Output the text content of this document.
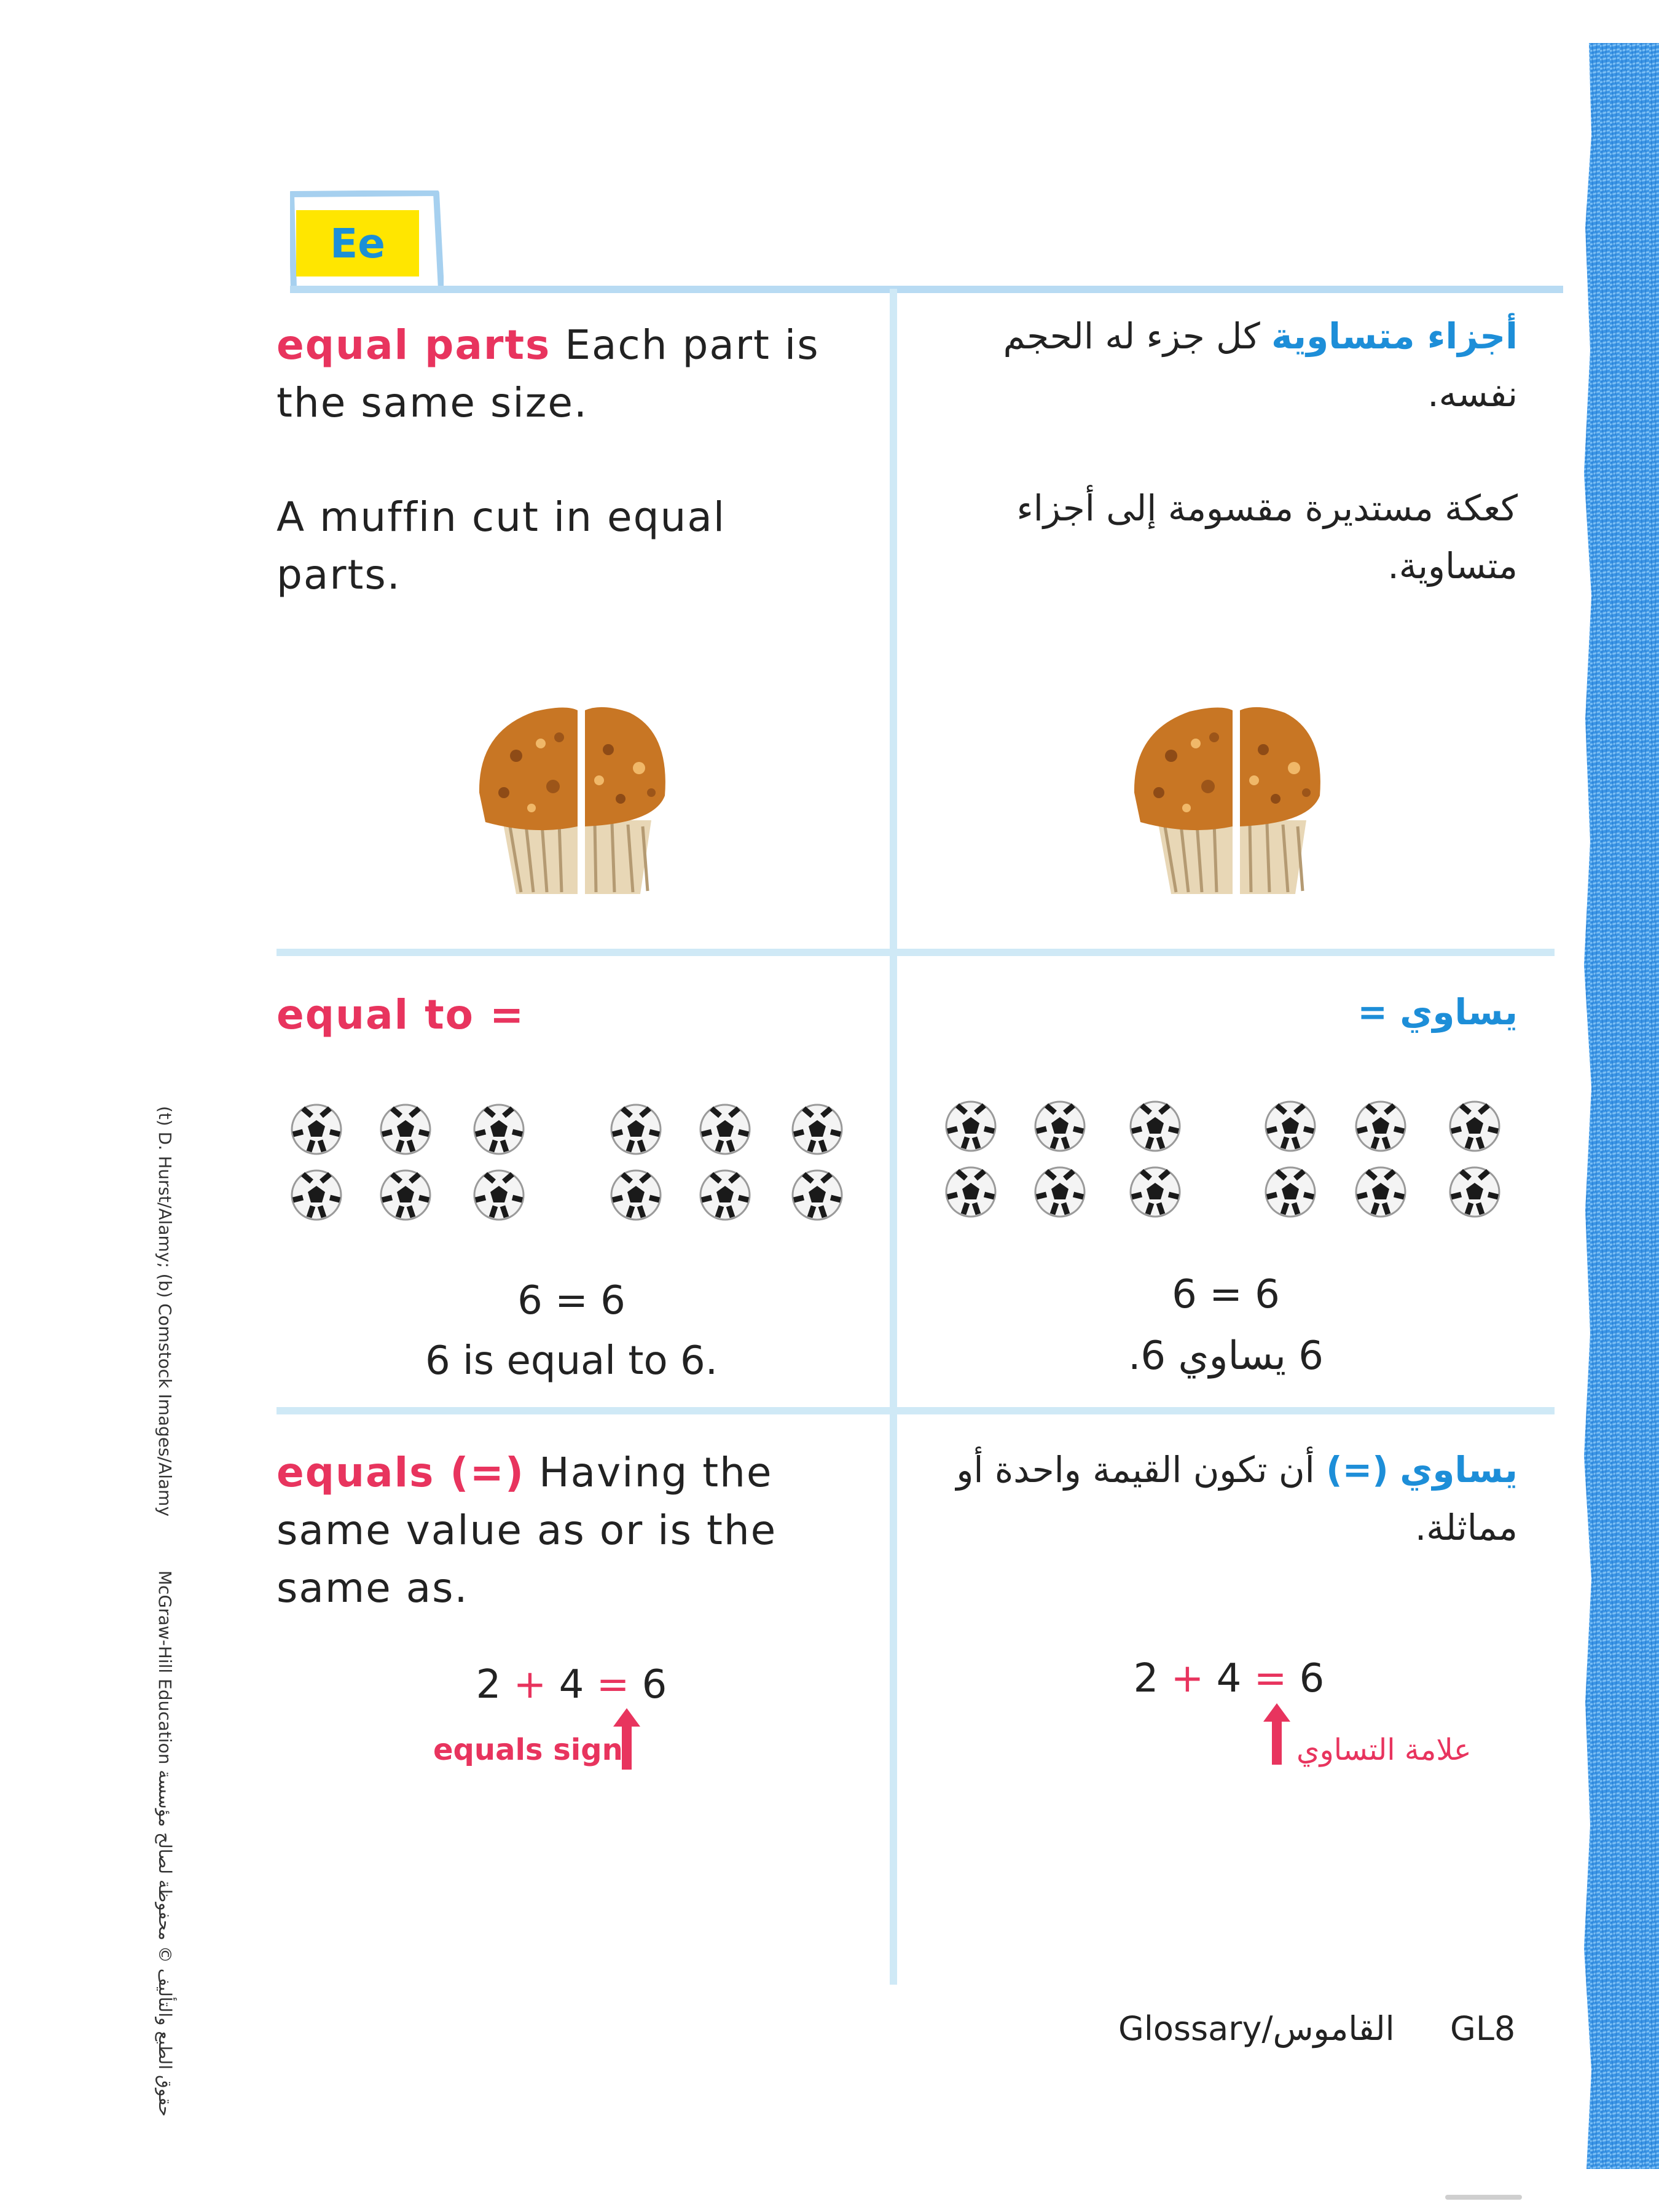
Ee
equal parts Each part is the same size.
A muffin cut in equal parts.
أجزاء متساوية كل جزء له الحجم نفسه.
كعكة مستديرة مقسومة إلى أجزاء متساوية.
equal to =	يساوي =
6 = 6
6 is equal to 6.
6 = 6
6 يساوي 6.
equals (=) Having the same value as or is the same as.
يساوي (=) أن تكون القيمة واحدة أو مماثلة.
2 + 4 = 6
equals sign
2 + 4 = 6
علامة التساوي
(t) D. Hurst/Alamy; (b) Comstock Images/Alamy  McGraw-Hill Education حقوق الطبع والتأليف © محفوظة لصالح مؤسسة	Glossary/القاموس GL8
